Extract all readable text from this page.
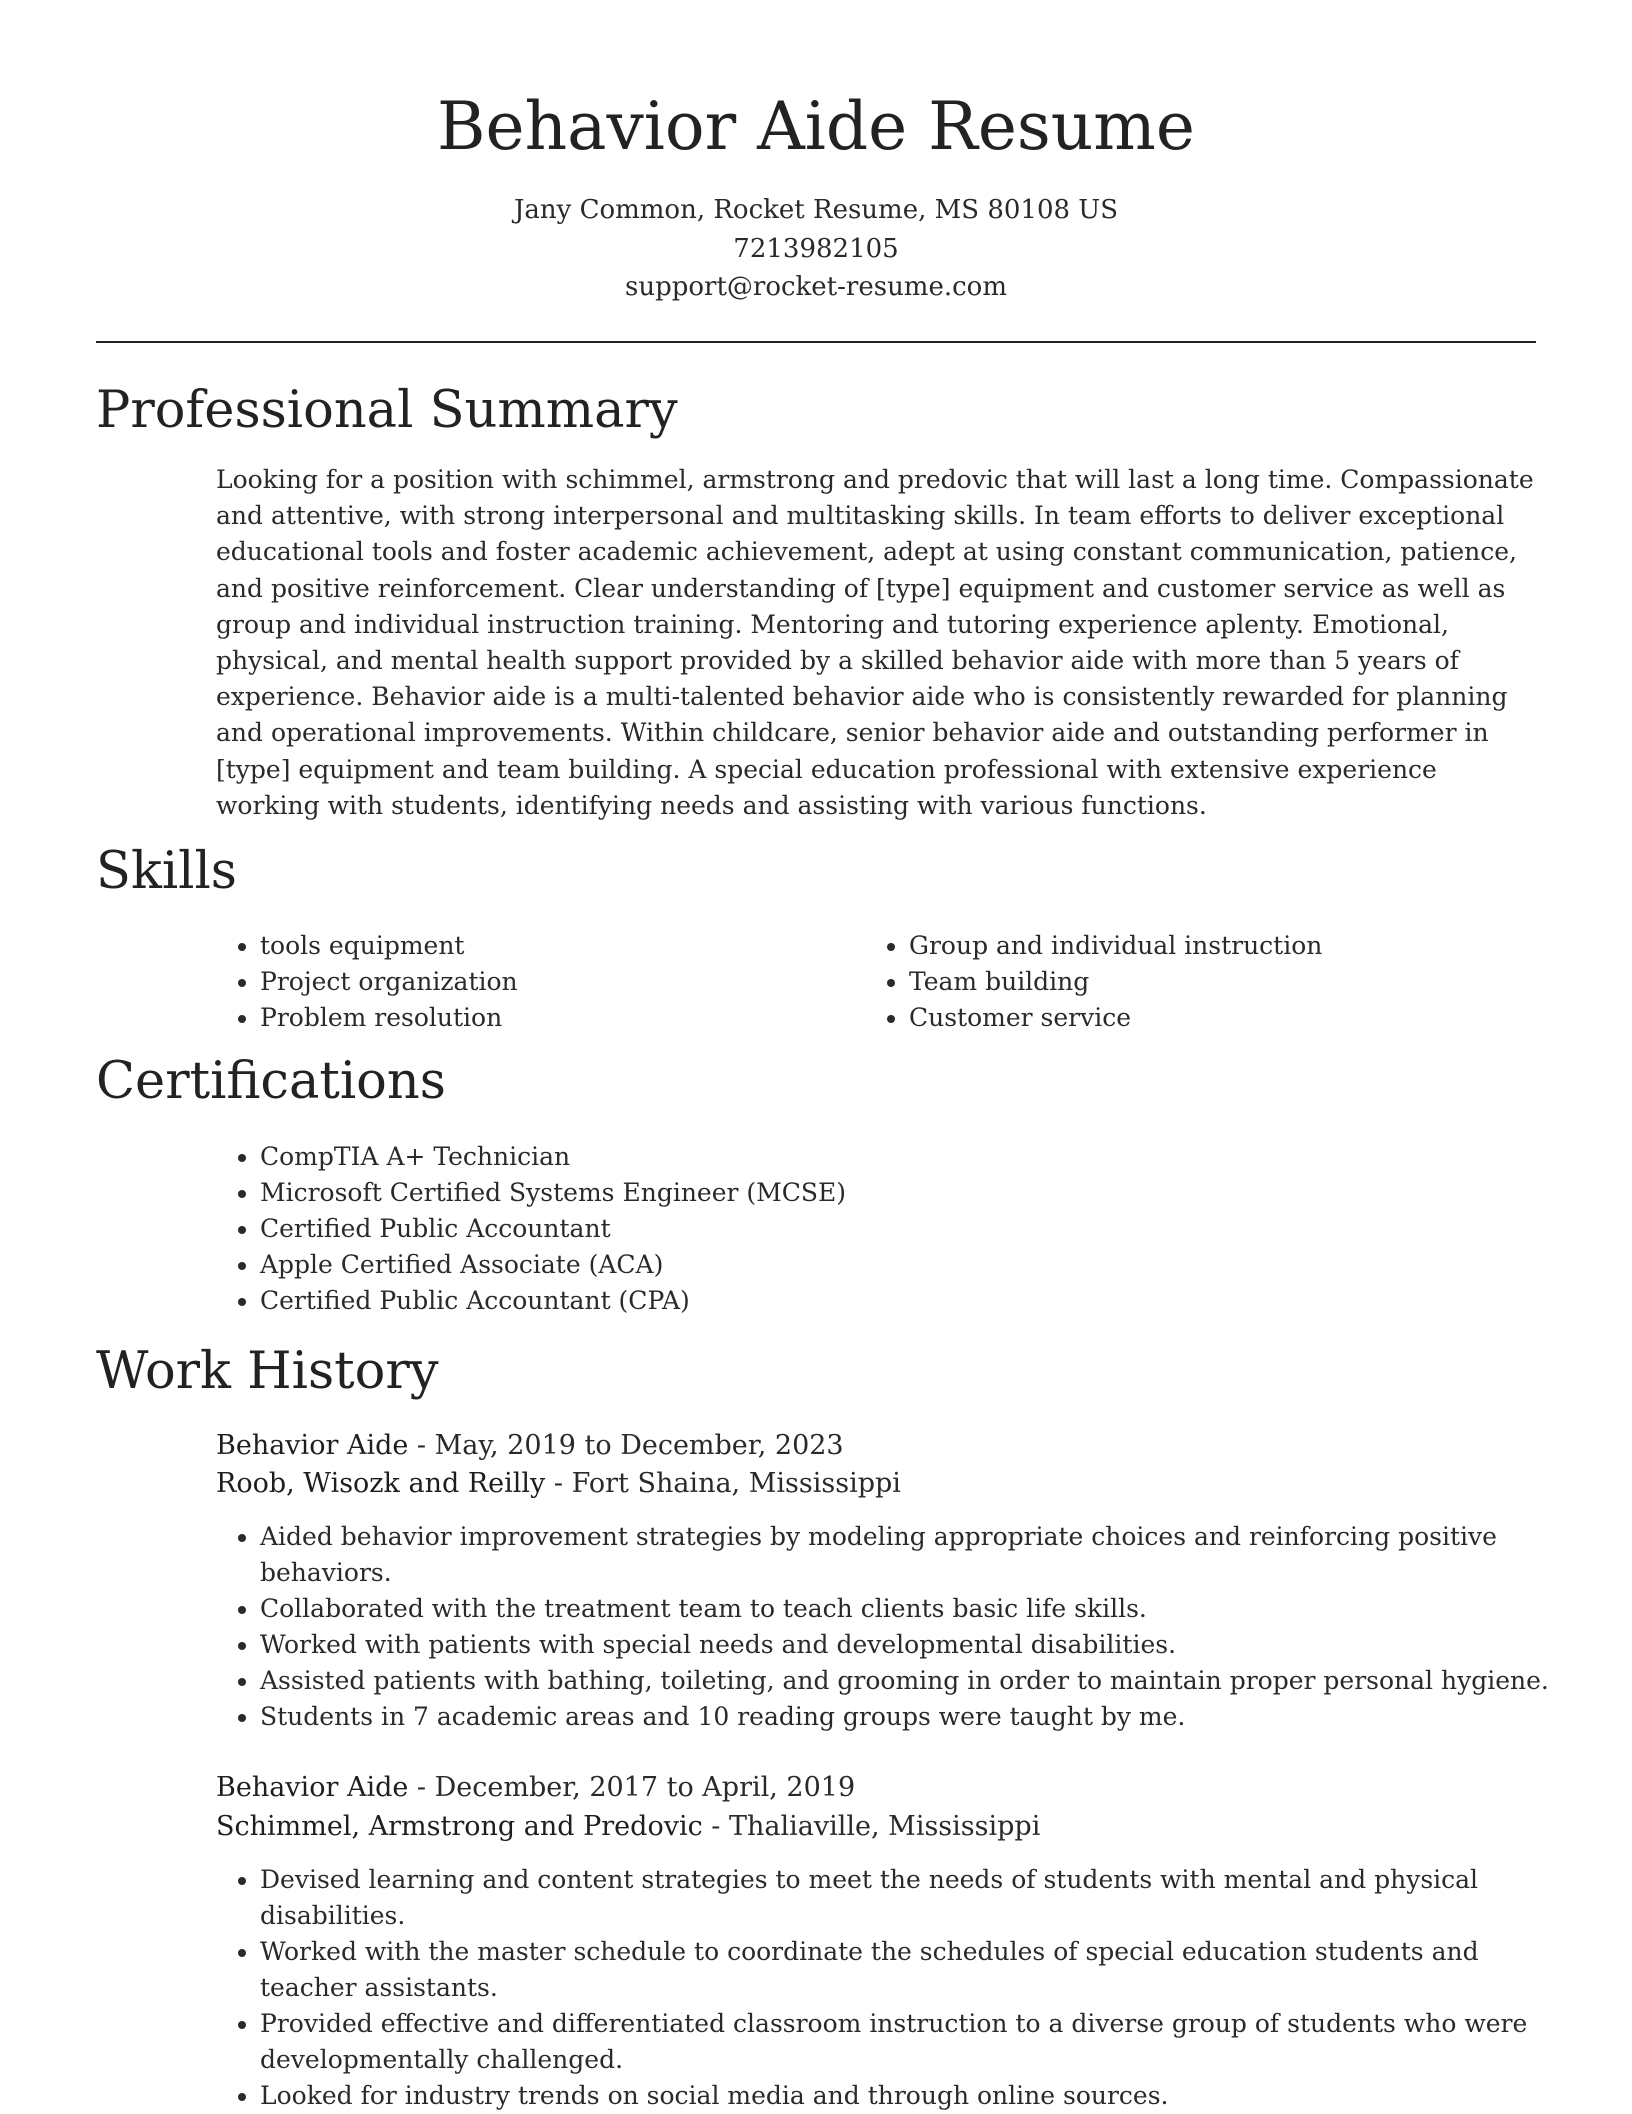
Behavior Aide Resume

Jany Common, Rocket Resume, MS 80108 US

7213982105

support@rocket-resume.com

Professional Summary

Looking for a position with schimmel, armstrong and predovic that will last a long time. Compassionate and attentive, with strong interpersonal and multitasking skills. In team efforts to deliver exceptional educational tools and foster academic achievement, adept at using constant communication, patience, and positive reinforcement. Clear understanding of [type] equipment and customer service as well as group and individual instruction training. Mentoring and tutoring experience aplenty. Emotional, physical, and mental health support provided by a skilled behavior aide with more than 5 years of experience. Behavior aide is a multi-talented behavior aide who is consistently rewarded for planning and operational improvements. Within childcare, senior behavior aide and outstanding performer in [type] equipment and team building. A special education professional with extensive experience working with students, identifying needs and assisting with various functions.

Skills
• tools equipment
• Project organization
• Problem resolution
• Group and individual instruction
• Team building
• Customer service
Certifications
• CompTIA A+ Technician
• Microsoft Certified Systems Engineer (MCSE)
• Certified Public Accountant
• Apple Certified Associate (ACA)
• Certified Public Accountant (CPA)
Work History

Behavior Aide - May, 2019 to December, 2023

Roob, Wisozk and Reilly - Fort Shaina, Mississippi

• Aided behavior improvement strategies by modeling appropriate choices and reinforcing positive behaviors.
• Collaborated with the treatment team to teach clients basic life skills.
• Worked with patients with special needs and developmental disabilities.
• Assisted patients with bathing, toileting, and grooming in order to maintain proper personal hygiene.
• Students in 7 academic areas and 10 reading groups were taught by me.

Behavior Aide - December, 2017 to April, 2019

Schimmel, Armstrong and Predovic - Thaliaville, Mississippi

• Devised learning and content strategies to meet the needs of students with mental and physical disabilities.
• Worked with the master schedule to coordinate the schedules of special education students and teacher assistants.
• Provided effective and differentiated classroom instruction to a diverse group of students who were developmentally challenged.
• Looked for industry trends on social media and through online sources.
